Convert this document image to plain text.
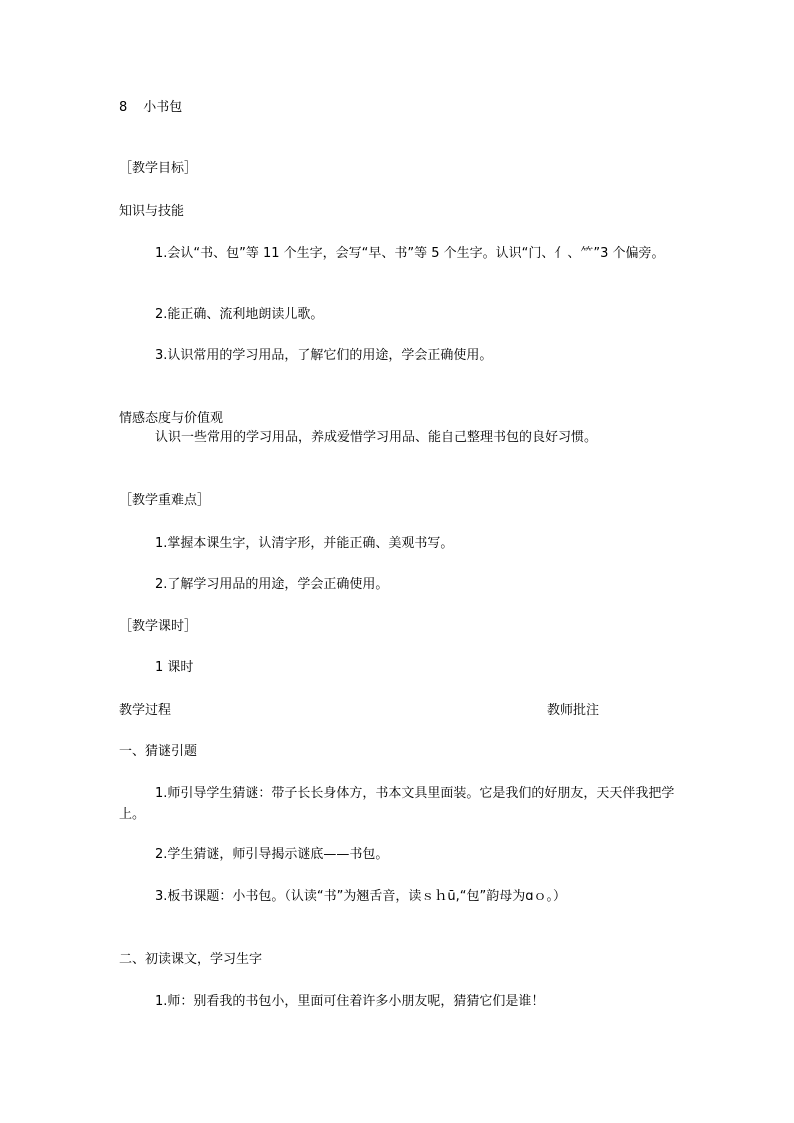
8 小书包
［教学目标］
知识与技能
1.会认“书、包”等 11 个生字，会写“早、书”等 5 个生字。认识“门、亻、⺮”3 个偏旁。
2.能正确、流利地朗读儿歌。
3.认识常用的学习用品，了解它们的用途，学会正确使用。
情感态度与价值观
认识一些常用的学习用品，养成爱惜学习用品、能自己整理书包的良好习惯。
［教学重难点］
1.掌握本课生字，认清字形，并能正确、美观书写。
2.了解学习用品的用途，学会正确使用。
［教学课时］
1 课时
教学过程	教师批注
一、猜谜引题
1.师引导学生猜谜：带子长长身体方，书本文具里面装。它是我们的好朋友，天天伴我把学上。
2.学生猜谜，师引导揭示谜底——书包。
3.板书课题：小书包。（认读“书”为翘舌音，读ｓｈū,“包”韵母为ɑｏ。）
二、初读课文，学习生字
1.师：别看我的书包小，里面可住着许多小朋友呢，猜猜它们是谁！
